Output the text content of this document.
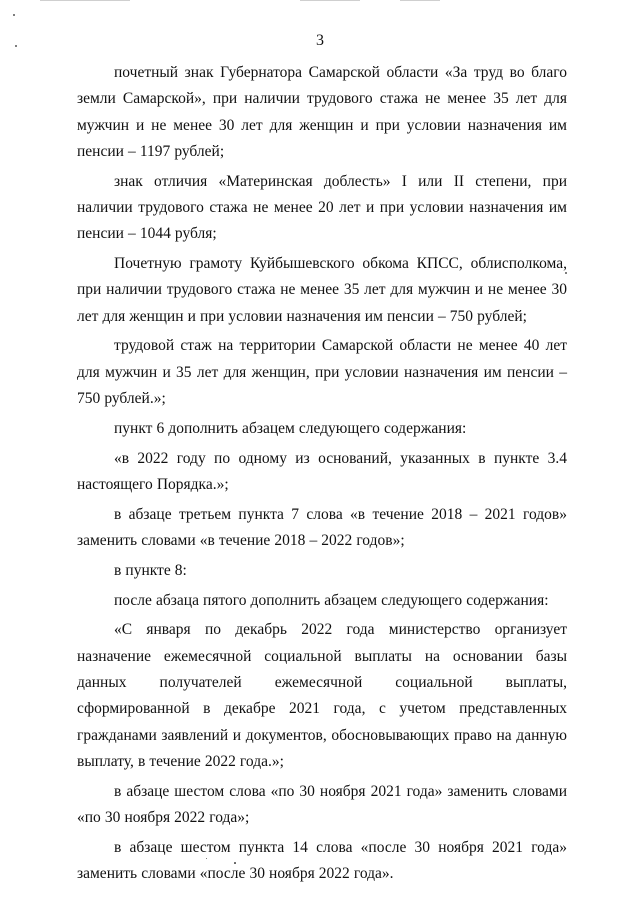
3

почетный знак Губернатора Самарской области «За труд во благо земли Самарской», при наличии трудового стажа не менее 35 лет для мужчин и не менее 30 лет для женщин и при условии назначения им пенсии – 1197 рублей;

знак отличия «Материнская доблесть» I или II степени, при наличии трудового стажа не менее 20 лет и при условии назначения им пенсии – 1044 рубля;

Почетную грамоту Куйбышевского обкома КПСС, облисполкома, при наличии трудового стажа не менее 35 лет для мужчин и не менее 30 лет для женщин и при условии назначения им пенсии – 750 рублей;

трудовой стаж на территории Самарской области не менее 40 лет для мужчин и 35 лет для женщин, при условии назначения им пенсии – 750 рублей.»;

пункт 6 дополнить абзацем следующего содержания:

«в 2022 году по одному из оснований, указанных в пункте 3.4 настоящего Порядка.»;

в абзаце третьем пункта 7 слова «в течение 2018 – 2021 годов» заменить словами «в течение 2018 – 2022 годов»;

в пункте 8:

после абзаца пятого дополнить абзацем следующего содержания:

«С января по декабрь 2022 года министерство организует назначение ежемесячной социальной выплаты на основании базы данных получателей ежемесячной социальной выплаты, сформированной в декабре 2021 года, с учетом представленных гражданами заявлений и документов, обосновывающих право на данную выплату, в течение 2022 года.»;

в абзаце шестом слова «по 30 ноября 2021 года» заменить словами «по 30 ноября 2022 года»;

в абзаце шестом пункта 14 слова «после 30 ноября 2021 года» заменить словами «после 30 ноября 2022 года».
